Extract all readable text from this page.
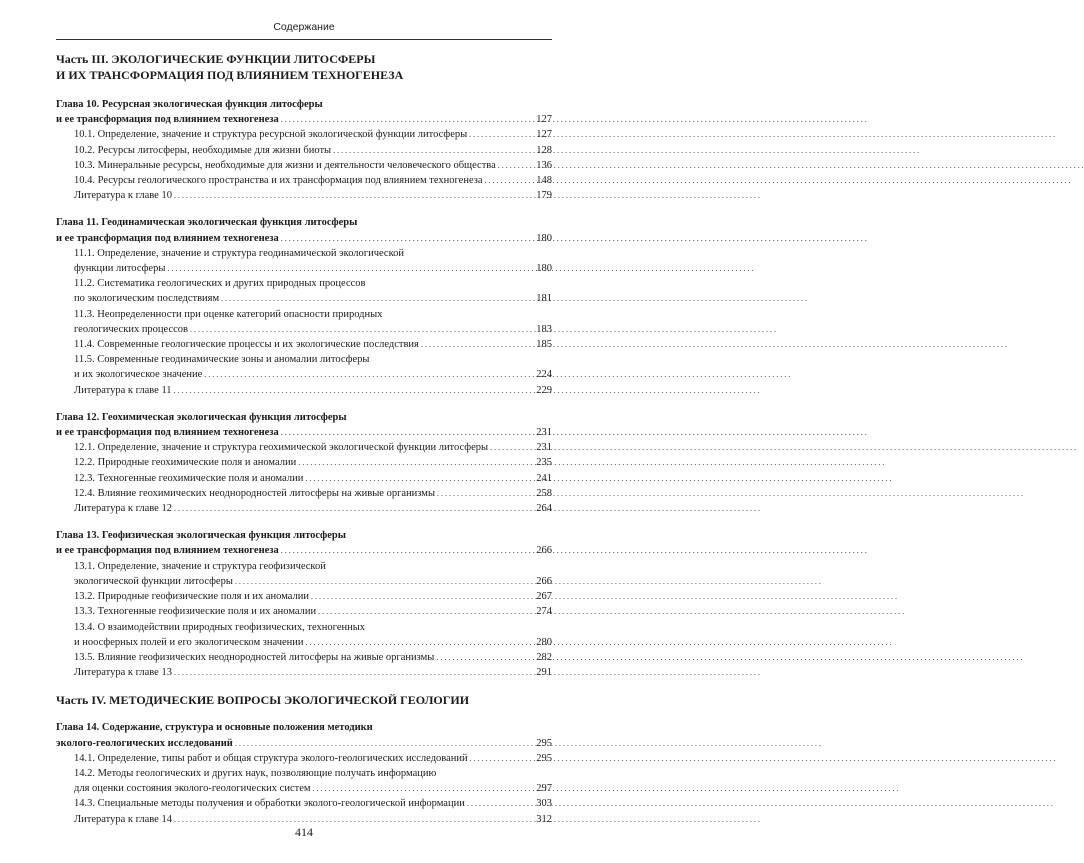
Содержание
Часть III. ЭКОЛОГИЧЕСКИЕ ФУНКЦИИ ЛИТОСФЕРЫ
И ИХ ТРАНСФОРМАЦИЯ ПОД ВЛИЯНИЕМ ТЕХНОГЕНЕЗА
Глава 10. Ресурсная экологическая функция литосферы
и ее трансформация под влиянием техногенеза . . .	127
10.1. Определение, значение и структура ресурсной экологической функции литосферы . . .	127
10.2. Ресурсы литосферы, необходимые для жизни биоты . . .	128
10.3. Минеральные ресурсы, необходимые для жизни и деятельности человеческого общества . . .	136
10.4. Ресурсы геологического пространства и их трансформация под влиянием техногенеза . . .	148
Литература к главе 10 . . .	179
Глава 11. Геодинамическая экологическая функция литосферы
и ее трансформация под влиянием техногенеза . . .	180
11.1. Определение, значение и структура геодинамической экологической
функции литосферы . . .	180
11.2. Систематика геологических и других природных процессов
по экологическим последствиям . . .	181
11.3. Неопределенности при оценке категорий опасности природных
геологических процессов . . .	183
11.4. Современные геологические процессы и их экологические последствия . . .	185
11.5. Современные геодинамические зоны и аномалии литосферы
и их экологическое значение . . .	224
Литература к главе 11 . . .	229
Глава 12. Геохимическая экологическая функция литосферы
и ее трансформация под влиянием техногенеза . . .	231
12.1. Определение, значение и структура геохимической экологической функции литосферы . . .	231
12.2. Природные геохимические поля и аномалии . . .	235
12.3. Техногенные геохимические поля и аномалии . . .	241
12.4. Влияние геохимических неоднородностей литосферы на живые организмы . . .	258
Литература к главе 12 . . .	264
Глава 13. Геофизическая экологическая функция литосферы
и ее трансформация под влиянием техногенеза . . .	266
13.1. Определение, значение и структура геофизической
экологической функции литосферы . . .	266
13.2. Природные геофизические поля и их аномалии . . .	267
13.3. Техногенные геофизические поля и их аномалии . . .	274
13.4. О взаимодействии природных геофизических, техногенных
и ноосферных полей и его экологическом значении . . .	280
13.5. Влияние геофизических неоднородностей литосферы на живые организмы . . .	282
Литература к главе 13 . . .	291
Часть IV. МЕТОДИЧЕСКИЕ ВОПРОСЫ ЭКОЛОГИЧЕСКОЙ ГЕОЛОГИИ
Глава 14. Содержание, структура и основные положения методики
эколого-геологических исследований . . .	295
14.1. Определение, типы работ и общая структура эколого-геологических исследований . . .	295
14.2. Методы геологических и других наук, позволяющие получать информацию
для оценки состояния эколого-геологических систем . . .	297
14.3. Специальные методы получения и обработки эколого-геологической информации . . .	303
Литература к главе 14 . . .	312
414
